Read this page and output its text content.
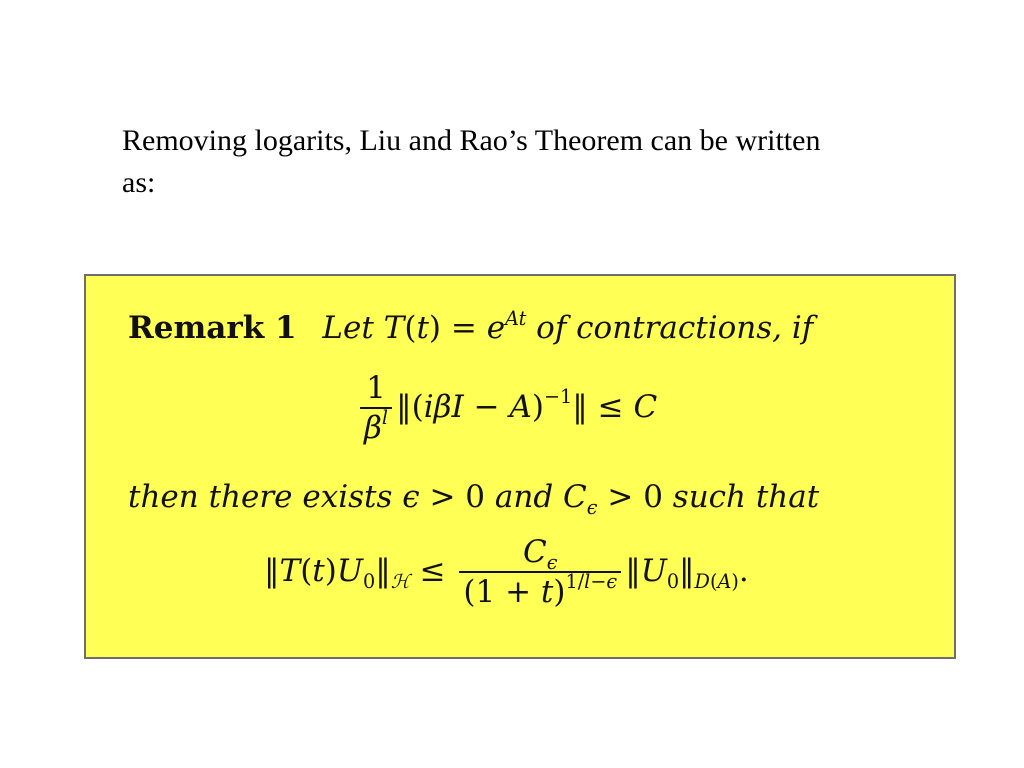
Removing logarits, Liu and Rao’s Theorem can be written as:

Remark 1 Let $T(t) = e^{At}$ of contractions, if
$\frac{1}{\beta^l}$ ‖(iβI − A)$^{-1}$‖ ≤ C
then there exists ϵ > 0 and $C_\epsilon > 0$ such that
$‖T(t)U_0‖_ℋ \le \frac{C_\epsilon}{(1 + t)^{1/l-\epsilon}}$ $‖U_0‖_{D(A)}$.
